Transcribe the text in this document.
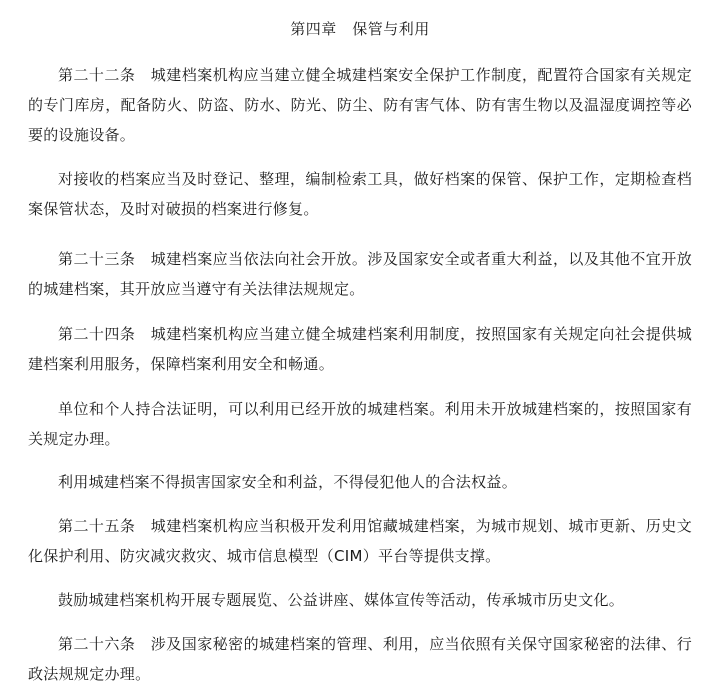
第四章　保管与利用

第二十二条　城建档案机构应当建立健全城建档案安全保护工作制度，配置符合国家有关规定的专门库房，配备防火、防盗、防水、防光、防尘、防有害气体、防有害生物以及温湿度调控等必要的设施设备。

对接收的档案应当及时登记、整理，编制检索工具，做好档案的保管、保护工作，定期检查档案保管状态，及时对破损的档案进行修复。

第二十三条　城建档案应当依法向社会开放。涉及国家安全或者重大利益，以及其他不宜开放的城建档案，其开放应当遵守有关法律法规规定。

第二十四条　城建档案机构应当建立健全城建档案利用制度，按照国家有关规定向社会提供城建档案利用服务，保障档案利用安全和畅通。

单位和个人持合法证明，可以利用已经开放的城建档案。利用未开放城建档案的，按照国家有关规定办理。

利用城建档案不得损害国家安全和利益，不得侵犯他人的合法权益。

第二十五条　城建档案机构应当积极开发利用馆藏城建档案，为城市规划、城市更新、历史文化保护利用、防灾减灾救灾、城市信息模型（CIM）平台等提供支撑。

鼓励城建档案机构开展专题展览、公益讲座、媒体宣传等活动，传承城市历史文化。

第二十六条　涉及国家秘密的城建档案的管理、利用，应当依照有关保守国家秘密的法律、行政法规规定办理。
